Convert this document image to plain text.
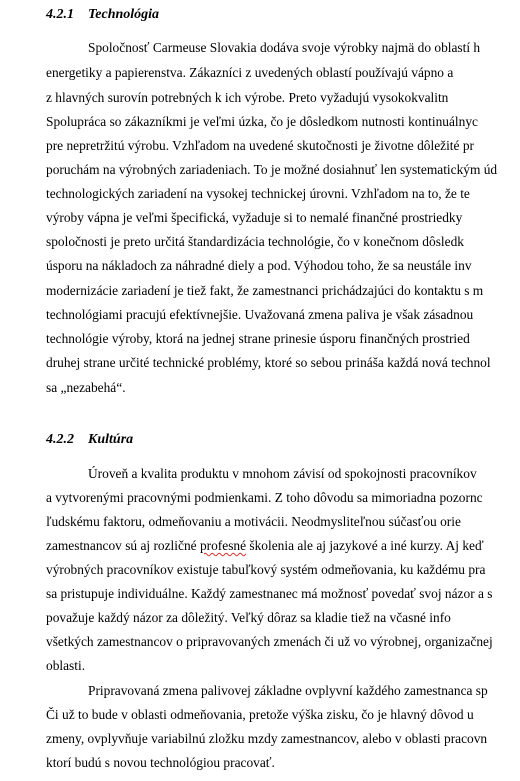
4.2.1 Technológia
Spoločnosť Carmeuse Slovakia dodáva svoje výrobky najmä do oblastí h
energetiky a papierenstva. Zákazníci z uvedených oblastí používajú vápno a
z hlavných surovín potrebných k ich výrobe. Preto vyžadujú vysokokvalitn
Spolupráca so zákazníkmi je veľmi úzka, čo je dôsledkom nutnosti kontinuálnyc
pre nepretržitú výrobu. Vzhľadom na uvedené skutočnosti je životne dôležité pr
poruchám na výrobných zariadeniach. To je možné dosiahnuť len systematickým úd
technologických zariadení na vysokej technickej úrovni. Vzhľadom na to, že te
výroby vápna je veľmi špecifická, vyžaduje si to nemalé finančné prostriedky
spoločnosti je preto určitá štandardizácia technológie, čo v konečnom dôsledk
úsporu na nákladoch za náhradné diely a pod. Výhodou toho, že sa neustále inv
modernizácie zariadení je tiež fakt, že zamestnanci prichádzajúci do kontaktu s m
technológiami pracujú efektívnejšie. Uvažovaná zmena paliva je však zásadnou
technológie výroby, ktorá na jednej strane prinesie úsporu finančných prostried
druhej strane určité technické problémy, ktoré so sebou prináša každá nová technol
sa „nezabehá“.
4.2.2 Kultúra
Úroveň a kvalita produktu v mnohom závisí od spokojnosti pracovníkov
a vytvorenými pracovnými podmienkami. Z toho dôvodu sa mimoriadna pozornc
ľudskému faktoru, odmeňovaniu a motivácii. Neodmysliteľnou súčasťou orie
zamestnancov sú aj rozličné profesné školenia ale aj jazykové a iné kurzy. Aj keď
výrobných pracovníkov existuje tabuľkový systém odmeňovania, ku každému pra
sa pristupuje individuálne. Každý zamestnanec má možnosť povedať svoj názor a s
považuje každý názor za dôležitý. Veľký dôraz sa kladie tiež na včasné info
všetkých zamestnancov o pripravovaných zmenách či už vo výrobnej, organizačnej
oblasti.
Pripravovaná zmena palivovej základne ovplyvní každého zamestnanca sp
Či už to bude v oblasti odmeňovania, pretože výška zisku, čo je hlavný dôvod u
zmeny, ovplyvňuje variabilnú zložku mzdy zamestnancov, alebo v oblasti pracovn
ktorí budú s novou technológiou pracovať.
